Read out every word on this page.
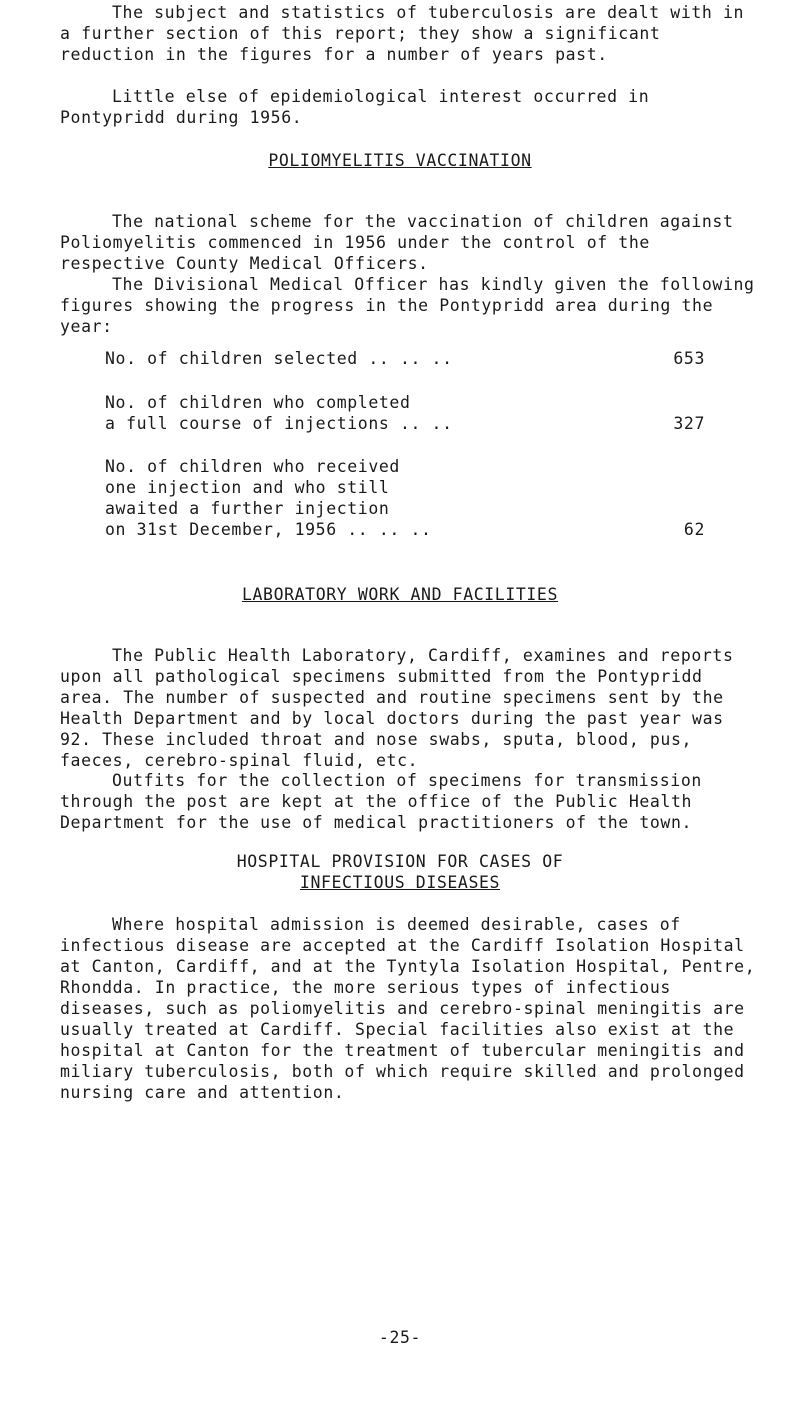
The subject and statistics of tuberculosis are dealt with in a further section of this report; they show a significant reduction in the figures for a number of years past.

Little else of epidemiological interest occurred in Pontypridd during 1956.

POLIOMYELITIS VACCINATION

The national scheme for the vaccination of children against Poliomyelitis commenced in 1956 under the control of the respective County Medical Officers.

The Divisional Medical Officer has kindly given the following figures showing the progress in the Pontypridd area during the year:

No. of children selected .. .. ..	653
No. of children who completed
a full course of injections .. ..	327
No. of children who received
one injection and who still
awaited a further injection
on 31st December, 1956 .. .. ..	62
LABORATORY WORK AND FACILITIES

The Public Health Laboratory, Cardiff, examines and reports upon all pathological specimens submitted from the Pontypridd area. The number of suspected and routine specimens sent by the Health Department and by local doctors during the past year was 92. These included throat and nose swabs, sputa, blood, pus, faeces, cerebro-spinal fluid, etc.

Outfits for the collection of specimens for transmission through the post are kept at the office of the Public Health Department for the use of medical practitioners of the town.

HOSPITAL PROVISION FOR CASES OF
INFECTIOUS DISEASES

Where hospital admission is deemed desirable, cases of infectious disease are accepted at the Cardiff Isolation Hospital at Canton, Cardiff, and at the Tyntyla Isolation Hospital, Pentre, Rhondda. In practice, the more serious types of infectious diseases, such as poliomyelitis and cerebro-spinal meningitis are usually treated at Cardiff. Special facilities also exist at the hospital at Canton for the treatment of tubercular meningitis and miliary tuberculosis, both of which require skilled and prolonged nursing care and attention.

-25-
